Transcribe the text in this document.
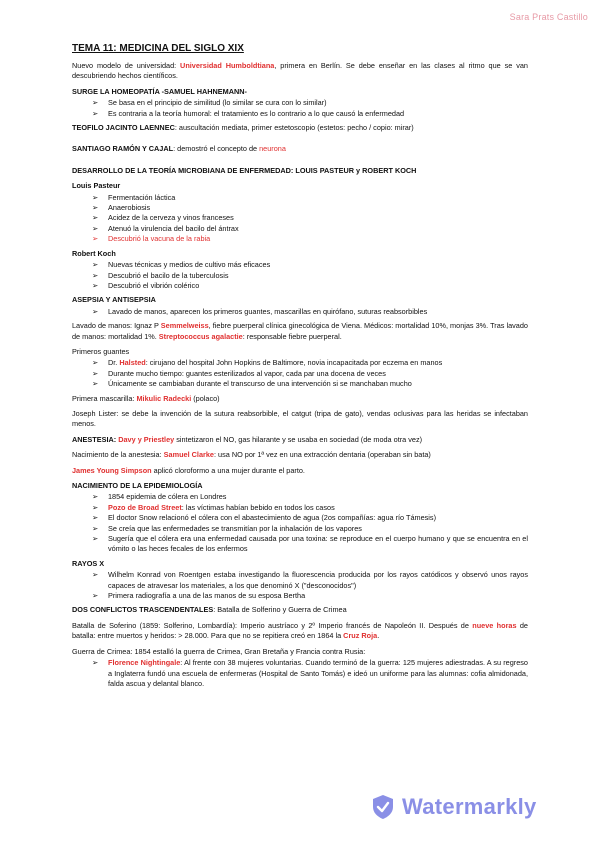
Sara Prats Castillo
TEMA 11: MEDICINA DEL SIGLO XIX
Nuevo modelo de universidad: Universidad Humboldtiana, primera en Berlín. Se debe enseñar en las clases al ritmo que se van descubriendo hechos científicos.
SURGE LA HOMEOPATÍA -SAMUEL HAHNEMANN-
➢ Se basa en el principio de similitud (lo similar se cura con lo similar)
➢ Es contraria a la teoría humoral: el tratamiento es lo contrario a lo que causó la enfermedad
TEOFILO JACINTO LAENNEC: auscultación mediata, primer estetoscopio (estetos: pecho / copio: mirar)
SANTIAGO RAMÓN Y CAJAL: demostró el concepto de neurona
DESARROLLO DE LA TEORÍA MICROBIANA DE ENFERMEDAD: LOUIS PASTEUR y ROBERT KOCH
Louis Pasteur
➢ Fermentación láctica
➢ Anaerobiosis
➢ Acidez de la cerveza y vinos franceses
➢ Atenuó la virulencia del bacilo del ántrax
➢ Descubrió la vacuna de la rabia
Robert Koch
➢ Nuevas técnicas y medios de cultivo más eficaces
➢ Descubrió el bacilo de la tuberculosis
➢ Descubrió el vibrión colérico
ASEPSIA Y ANTISEPSIA
➢ Lavado de manos, aparecen los primeros guantes, mascarillas en quirófano, suturas reabsorbibles
Lavado de manos: Ignaz P Semmelweiss, fiebre puerperal clínica ginecológica de Viena. Médicos: mortalidad 10%, monjas 3%. Tras lavado de manos: mortalidad 1%. Streptococcus agalactie: responsable fiebre puerperal.
Primeros guantes
➢ Dr. Halsted: cirujano del hospital John Hopkins de Baltimore, novia incapacitada por eczema en manos
➢ Durante mucho tiempo: guantes esterilizados al vapor, cada par una docena de veces
➢ Únicamente se cambiaban durante el transcurso de una intervención si se manchaban mucho
Primera mascarilla: Mikulic Radecki (polaco)
Joseph Lister: se debe la invención de la sutura reabsorbible, el catgut (tripa de gato), vendas oclusivas para las heridas se infectaban menos.
ANESTESIA: Davy y Priestley sintetizaron el NO, gas hilarante y se usaba en sociedad (de moda otra vez)
Nacimiento de la anestesia: Samuel Clarke: usa NO por 1ª vez en una extracción dentaria (operaban sin bata)
James Young Simpson aplicó cloroformo a una mujer durante el parto.
NACIMIENTO DE LA EPIDEMIOLOGÍA
➢ 1854 epidemia de cólera en Londres
➢ Pozo de Broad Street: las víctimas habían bebido en todos los casos
➢ El doctor Snow relacionó el cólera con el abastecimiento de agua (2os compañías: agua río Támesis)
➢ Se creía que las enfermedades se transmitían por la inhalación de los vapores
➢ Sugería que el cólera era una enfermedad causada por una toxina: se reproduce en el cuerpo humano y que se encuentra en el vómito o las heces fecales de los enfermos
RAYOS X
➢ Wilhelm Konrad von Roentgen estaba investigando la fluorescencia producida por los rayos catódicos y observó unos rayos capaces de atravesar los materiales, a los que denominó X ("desconocidos")
➢ Primera radiografía a una de las manos de su esposa Bertha
DOS CONFLICTOS TRASCENDENTALES: Batalla de Solferino y Guerra de Crimea
Batalla de Soferino (1859: Solferino, Lombardía): Imperio austríaco y 2º Imperio francés de Napoleón II. Después de nueve horas de batalla: entre muertos y heridos: > 28.000. Para que no se repitiera creó en 1864 la Cruz Roja.
Guerra de Crimea: 1854 estalló la guerra de Crimea, Gran Bretaña y Francia contra Rusia:
➢ Florence Nightingale: Al frente con 38 mujeres voluntarias. Cuando terminó de la guerra: 125 mujeres adiestradas. A su regreso a Inglaterra fundó una escuela de enfermeras (Hospital de Santo Tomás) e ideó un uniforme para las alumnas: cofia almidonada, falda ascua y delantal blanco.
Watermarkly
